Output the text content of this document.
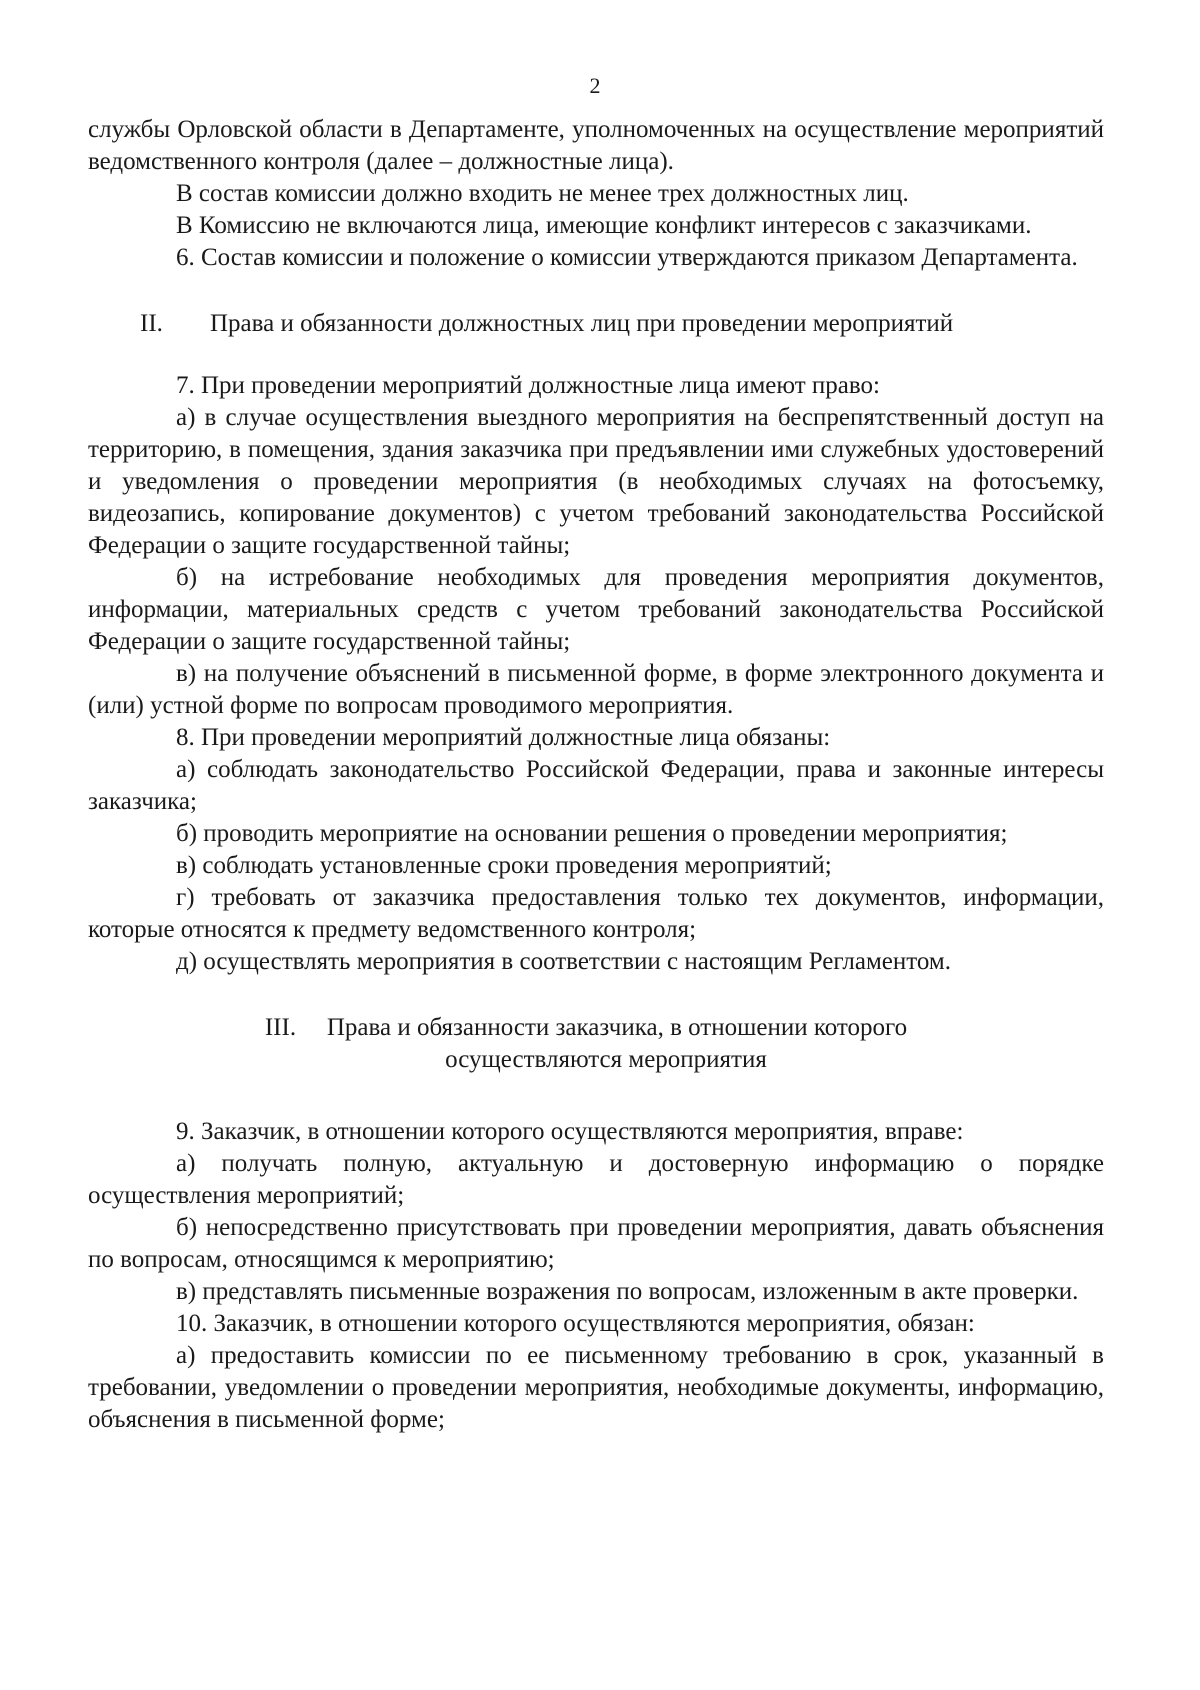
2

службы Орловской области в Департаменте, уполномоченных на осуществление мероприятий ведомственного контроля (далее – должностные лица).

В состав комиссии должно входить не менее трех должностных лиц.

В Комиссию не включаются лица, имеющие конфликт интересов с заказчиками.

6. Состав комиссии и положение о комиссии утверждаются приказом Департамента.

II. Права и обязанности должностных лиц при проведении мероприятий

7. При проведении мероприятий должностные лица имеют право:

а) в случае осуществления выездного мероприятия на беспрепятственный доступ на территорию, в помещения, здания заказчика при предъявлении ими служебных удостоверений и уведомления о проведении мероприятия (в необходимых случаях на фотосъемку, видеозапись, копирование документов) с учетом требований законодательства Российской Федерации о защите государственной тайны;

б) на истребование необходимых для проведения мероприятия документов, информации, материальных средств с учетом требований законодательства Российской Федерации о защите государственной тайны;

в) на получение объяснений в письменной форме, в форме электронного документа и (или) устной форме по вопросам проводимого мероприятия.

8. При проведении мероприятий должностные лица обязаны:

а) соблюдать законодательство Российской Федерации, права и законные интересы заказчика;

б) проводить мероприятие на основании решения о проведении мероприятия;

в) соблюдать установленные сроки проведения мероприятий;

г) требовать от заказчика предоставления только тех документов, информации, которые относятся к предмету ведомственного контроля;

д) осуществлять мероприятия в соответствии с настоящим Регламентом.

III. Права и обязанности заказчика, в отношении которого
осуществляются мероприятия

9. Заказчик, в отношении которого осуществляются мероприятия, вправе:

а) получать полную, актуальную и достоверную информацию о порядке осуществления мероприятий;

б) непосредственно присутствовать при проведении мероприятия, давать объяснения по вопросам, относящимся к мероприятию;

в) представлять письменные возражения по вопросам, изложенным в акте проверки.

10. Заказчик, в отношении которого осуществляются мероприятия, обязан:

а) предоставить комиссии по ее письменному требованию в срок, указанный в требовании, уведомлении о проведении мероприятия, необходимые документы, информацию, объяснения в письменной форме;
